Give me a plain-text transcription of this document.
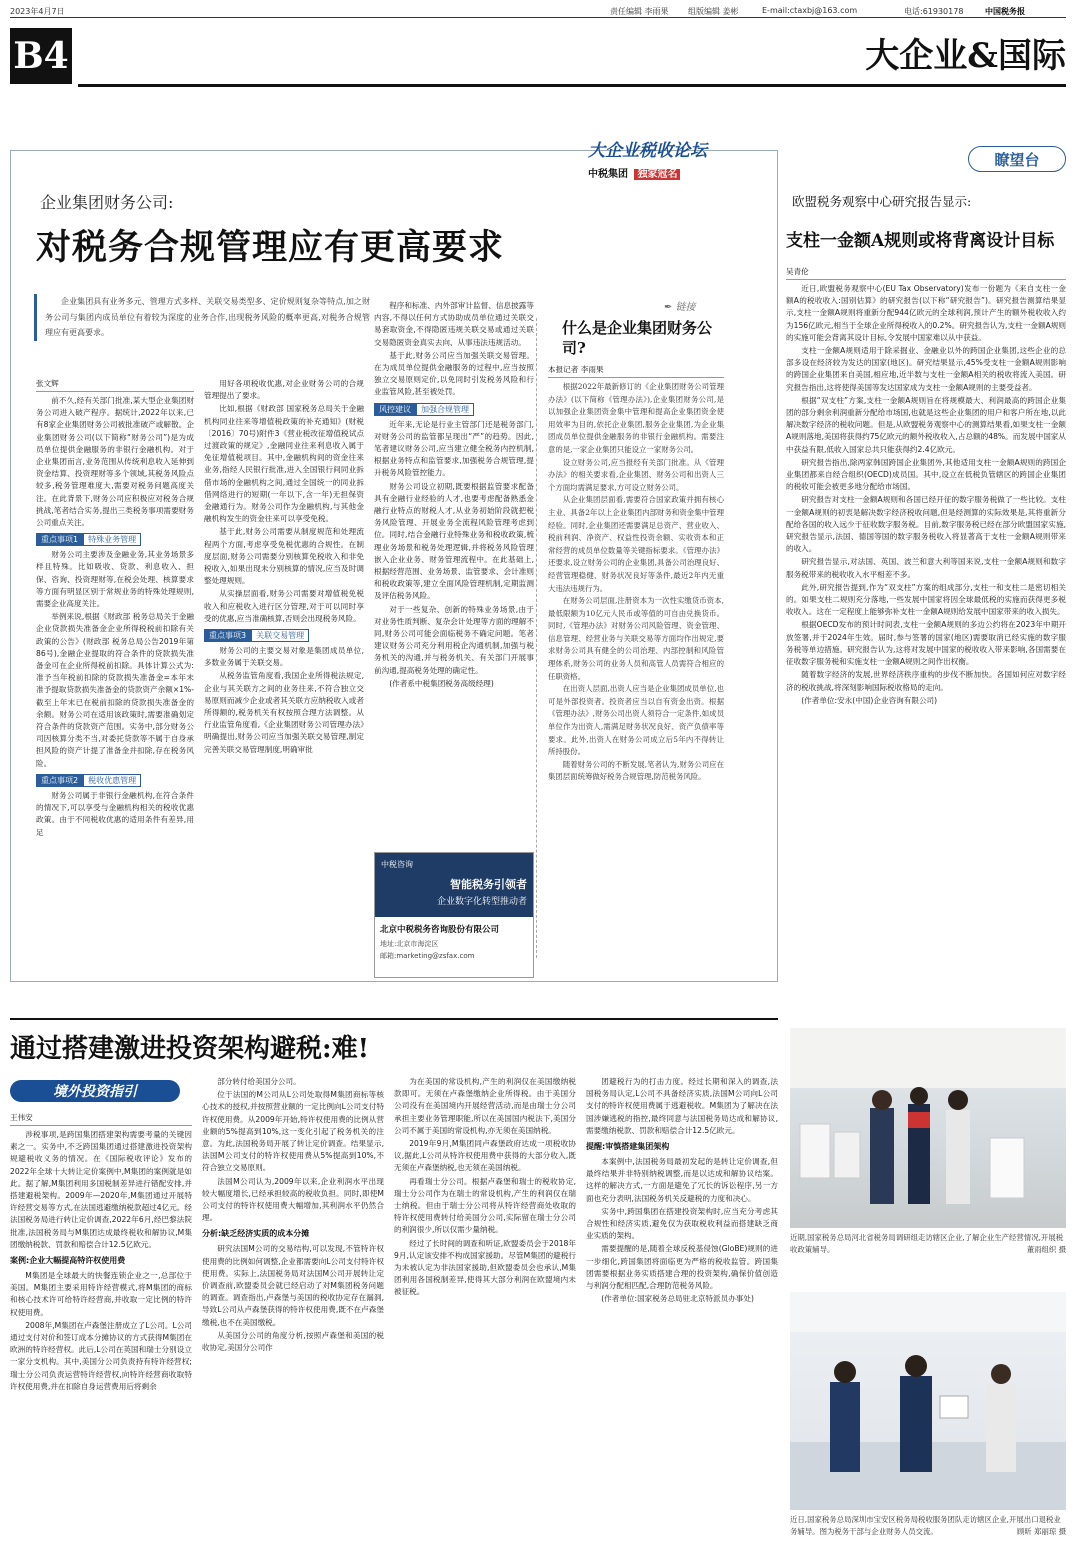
2023年4月7日	责任编辑 李雨果 组版编辑 姜彬	E-mail:ctaxbj@163.com	电话:61930178	中国税务报
B4	大企业&国际
大企业税收论坛
中税集团 独家冠名
企业集团财务公司:
对税务合规管理应有更高要求
企业集团具有业务多元、管理方式多样、关联交易类型多、定价规则复杂等特点,加之财务公司与集团内成员单位有着较为深度的业务合作,出现税务风险的概率更高,对税务合规管理应有更高要求。
✒ 链接
张文辉

前不久,经有关部门批准,某大型企业集团财务公司进入破产程序。据统计,2022年以来,已有8家企业集团财务公司被批准破产或解散。企业集团财务公司(以下简称“财务公司”)是为成员单位提供金融服务的非银行金融机构。对于企业集团而言,业务范围从传统利息收入延伸到资金结算、投资理财等多个领域,其税务风险点较多,税务管理难度大,需要对税务问题高度关注。在此背景下,财务公司应积极应对税务合规挑战,笔者结合实务,提出三类税务事项需要财务公司重点关注。

重点事项1	特殊业务管理

财务公司主要涉及金融业务,其业务场景多样且特殊。比如吸收、贷款、利息收入、担保、咨询、投资理财等,在税会处理、核算要求等方面有明显区别于常规业务的特殊处理规则,需要企业高度关注。

举例来说,根据《财政部 税务总局关于金融企业贷款损失准备金企业所得税税前扣除有关政策的公告》(财政部 税务总局公告2019年第86号),金融企业提取的符合条件的贷款损失准备金可在企业所得税前扣除。具体计算公式为:准予当年税前扣除的贷款损失准备金=本年末准予提取贷款损失准备金的贷款资产余额×1%-截至上年末已在税前扣除的贷款损失准备金的余额。财务公司在适用该政策时,需要准确划定符合条件的贷款资产范围。实务中,部分财务公司因核算分类不当,对委托贷款等不属于自身承担风险的资产计提了准备金并扣除,存在税务风险。

重点事项2	税收优惠管理

财务公司属于非银行金融机构,在符合条件的情况下,可以享受与金融机构相关的税收优惠政策。由于不同税收优惠的适用条件有差异,用足

用好各项税收优惠,对企业财务公司的合规管理提出了要求。

比如,根据《财政部 国家税务总局关于金融机构同业往来等增值税政策的补充通知》(财税〔2016〕70号)附件3《营业税改征增值税试点过渡政策的规定》,金融同业往来利息收入属于免征增值税项目。其中,金融机构间的资金往来业务,指经人民银行批准,进入全国银行间同业拆借市场的金融机构之间,通过全国统一的同业拆借网络进行的短期(一年以下,含一年)无担保资金融通行为。财务公司作为金融机构,与其他金融机构发生的资金往来可以享受免税。

基于此,财务公司需要从制度规范和处理流程两个方面,考虑享受免税优惠的合规性。在制度层面,财务公司需要分别核算免税收入和非免税收入,如果出现未分别核算的情况,应当及时调整处理规则。

从实操层面看,财务公司需要对增值税免税收入和应税收入进行区分管理,对于可以同时享受的优惠,应当准确核算,否则会出现税务风险。

重点事项3	关联交易管理

财务公司的主要交易对象是集团成员单位,多数业务属于关联交易。

从税务监管角度看,我国企业所得税法规定,企业与其关联方之间的业务往来,不符合独立交易原则而减少企业或者其关联方应纳税收入或者所得额的,税务机关有权按照合理方法调整。从行业监管角度看,《企业集团财务公司管理办法》明确提出,财务公司应当加强关联交易管理,制定完善关联交易管理制度,明确审批

程序和标准、内外部审计监督、信息披露等内容,不得以任何方式协助成员单位通过关联交易套取资金,不得隐匿违规关联交易或通过关联交易隐匿资金真实去向、从事违法违规活动。

基于此,财务公司应当加强关联交易管理。在为成员单位提供金融服务的过程中,应当按照独立交易原则定价,以免同时引发税务风险和行业监管风险,甚至被处罚。

风控建议	加强合规管理

近年来,无论是行业主管部门还是税务部门,对财务公司的监管都呈现出“严”的趋势。因此,笔者建议财务公司,应当建立健全税务内控机制,根据业务特点和监管要求,加强税务合规管理,提升税务风险管控能力。

财务公司设立初期,既要根据监管要求配备具有金融行业经验的人才,也要考虑配备熟悉金融行业特点的财税人才,从业务初始阶段就把税务风险管理、开展业务全流程风险管理考虑到位。同时,结合金融行业特殊业务和税收政策,梳理业务场景和税务处理逻辑,并将税务风险管理嵌入企业业务、财务管理流程中。在此基础上,根据经营范围、业务场景、监管要求、会计准则和税收政策等,建立全面风险管理机制,定期监测及评估税务风险。

对于一些复杂、创新的特殊业务场景,由于对业务性质判断、复杂会计处理等方面的理解不同,财务公司可能会面临税务不确定问题。笔者建议财务公司充分利用税企沟通机制,加强与税务机关的沟通,并与税务机关、有关部门开展事前沟通,提高税务处理的确定性。

(作者系中税集团税务高级经理)

中税咨询
智能税务引领者
企业数字化转型推动者
北京中税税务咨询股份有限公司
地址:北京市海淀区
邮箱:marketing@zsfax.com
什么是企业集团财务公司?
本报记者 李雨果

根据2022年最新修订的《企业集团财务公司管理办法》(以下简称《管理办法》),企业集团财务公司,是以加强企业集团资金集中管理和提高企业集团资金使用效率为目的,依托企业集团,服务企业集团,为企业集团成员单位提供金融服务的非银行金融机构。需要注意的是,一家企业集团只能设立一家财务公司。

设立财务公司,应当报经有关部门批准。从《管理办法》的相关要求看,企业集团、财务公司和出资人三个方面均需满足要求,方可设立财务公司。

从企业集团层面看,需要符合国家政策并拥有核心主业、具备2年以上企业集团内部财务和资金集中管理经验。同时,企业集团还需要满足总资产、营业收入、税前利润、净资产、权益性投资余额、实收资本和正常经营的成员单位数量等关键指标要求。《管理办法》还要求,设立财务公司的企业集团,具备公司治理良好、经营管理稳健、财务状况良好等条件,最近2年内无重大违法违规行为。

在财务公司层面,注册资本为一次性实缴货币资本,最低限额为10亿元人民币或等值的可自由兑换货币。同时,《管理办法》对财务公司风险管理、资金管理、信息管理、经营业务与关联交易等方面均作出规定,要求财务公司具有健全的公司治理、内部控制和风险管理体系,财务公司的业务人员和高管人员需符合相应的任职资格。

在出资人层面,出资人应当是企业集团成员单位,也可是外部投资者。投资者应当以自有资金出资。根据《管理办法》,财务公司出资人须符合一定条件,如成员单位作为出资人,需满足财务状况良好、资产负债率等要求。此外,出资人在财务公司成立后5年内不得转让所持股份。

随着财务公司的不断发展,笔者认为,财务公司应在集团层面统筹做好税务合规管理,防范税务风险。

瞭望台
欧盟税务观察中心研究报告显示:
支柱一金额A规则或将背离设计目标
吴青伦

近日,欧盟税务观察中心(EU Tax Observatory)发布一份题为《来自支柱一金额A的税收收入:国别估算》的研究报告(以下称“研究报告”)。研究报告测算结果显示,支柱一金额A规则将重新分配944亿欧元的全球利润,预计产生的额外税收收入约为156亿欧元,相当于全球企业所得税收入的0.2%。研究报告认为,支柱一金额A规则的实施可能会背离其设计目标,令发展中国家难以从中获益。

支柱一金额A规则适用于除采掘业、金融业以外的跨国企业集团,这些企业的总部多设在经济较为发达的国家(地区)。研究结果显示,45%受支柱一金额A规则影响的跨国企业集团来自美国,相应地,近半数与支柱一金额A相关的税收将流入美国。研究报告指出,这将使得美国等发达国家成为支柱一金额A规则的主要受益者。

根据“双支柱”方案,支柱一金额A规则旨在将规模最大、利润最高的跨国企业集团的部分剩余利润重新分配给市场国,也就是这些企业集团的用户和客户所在地,以此解决数字经济的税收问题。但是,从欧盟税务观察中心的测算结果看,如果支柱一金额A规则落地,美国将获得约75亿欧元的额外税收收入,占总额的48%。而发展中国家从中获益有限,低收入国家总共只能获得约2.4亿欧元。

研究报告指出,除两家韩国跨国企业集团外,其他适用支柱一金额A规则的跨国企业集团都来自经合组织(OECD)成员国。其中,设立在低税负管辖区的跨国企业集团的税收可能会被更多地分配给市场国。

研究报告对支柱一金额A规则和各国已经开征的数字服务税做了一些比较。支柱一金额A规则的初衷是解决数字经济税收问题,但是经测算的实际效果是,其将重新分配给各国的收入远少于征收数字服务税。目前,数字服务税已经在部分欧盟国家实施,研究报告显示,法国、德国等国的数字服务税收入将显著高于支柱一金额A规则带来的收入。

研究报告显示,对法国、英国、波兰和意大利等国来说,支柱一金额A规则和数字服务税带来的税收收入水平相差不多。

此外,研究报告提到,作为“双支柱”方案的组成部分,支柱一和支柱二是密切相关的。如果支柱二规则充分落地,一些发展中国家将因全球最低税的实施而获得更多税收收入。这在一定程度上能够弥补支柱一金额A规则给发展中国家带来的收入损失。

根据OECD发布的预计时间表,支柱一金额A规则的多边公约将在2023年中期开放签署,并于2024年生效。届时,参与签署的国家(地区)需要取消已经实施的数字服务税等单边措施。研究报告认为,这将对发展中国家的税收收入带来影响,各国需要在征收数字服务税和实施支柱一金额A规则之间作出权衡。

随着数字经济的发展,世界经济秩序重构的步伐不断加快。各国如何应对数字经济的税收挑战,将深刻影响国际税收格局的走向。

(作者单位:安永(中国)企业咨询有限公司)

通过搭建激进投资架构避税:难!
境外投资指引
王伟安

涉税事项,是跨国集团搭建架构需要考量的关键因素之一。实务中,不乏跨国集团通过搭建激进投资架构规避税收义务的情况。在《国际税收评论》发布的2022年全球十大转让定价案例中,M集团的案例就是如此。据了解,M集团利用多国税制差异进行错配安排,并搭建避税架构。2009年—2020年,M集团通过开展特许经营交易等方式,在法国逃避缴纳税款超过4亿元。经法国税务局进行转让定价调查,2022年6月,经巴黎法院批准,法国税务局与M集团达成最终税收和解协议,M集团缴纳税款、罚款和赔偿合计12.5亿欧元。

案例:企业大幅提高特许权使用费

M集团是全球最大的快餐连锁企业之一,总部位于美国。M集团主要采用特许经营模式,将M集团的商标和核心技术许可给特许经营商,并收取一定比例的特许权使用费。

2008年,M集团在卢森堡注册成立了L公司。L公司通过支付对价和签订成本分摊协议的方式获得M集团在欧洲的特许经营权。此后,L公司在英国和瑞士分别设立一家分支机构。其中,美国分公司负责持有特许经营权;瑞士分公司负责运营特许经营权,向特许经营商收取特许权使用费,并在扣除自身运营费用后将剩余

部分转付给美国分公司。

位于法国的M公司从L公司处取得M集团商标等核心技术的授权,并按照营业额的一定比例向L公司支付特许权使用费。从2009年开始,特许权使用费的比例从营业额的5%提高到10%,这一变化引起了税务机关的注意。为此,法国税务局开展了转让定价调查。结果显示,法国M公司支付的特许权使用费从5%提高到10%,不符合独立交易原则。

法国M公司认为,2009年以来,企业利润水平出现较大幅度增长,已经承担较高的税收负担。同时,即使M公司支付的特许权使用费大幅增加,其利润水平仍然合理。

分析:缺乏经济实质的成本分摊

研究法国M公司的交易结构,可以发现,不管特许权使用费的比例如何调整,企业都需要向L公司支付特许权使用费。实际上,法国税务局对法国M公司开展转让定价调查前,欧盟委员会就已经启动了对M集团税务问题的调查。调查指出,卢森堡与美国的税收协定存在漏洞,导致L公司从卢森堡获得的特许权使用费,既不在卢森堡缴税,也不在美国缴税。

从美国分公司的角度分析,按照卢森堡和美国的税收协定,美国分公司作

为在美国的常设机构,产生的利润仅在美国缴纳税款即可。无须在卢森堡缴纳企业所得税。由于美国分公司没有在美国境内开展经营活动,而是由瑞士分公司承担主要业务管理职能,所以在美国国内税法下,美国分公司不属于美国的常设机构,亦无须在美国纳税。

2019年9月,M集团同卢森堡政府达成一项税收协议,据此,L公司从特许权使用费中获得的大部分收入,既无须在卢森堡纳税,也无须在美国纳税。

再看瑞士分公司。根据卢森堡和瑞士的税收协定,瑞士分公司作为在瑞士的常设机构,产生的利润仅在瑞士纳税。但由于瑞士分公司将从特许经营商处收取的特许权使用费转付给美国分公司,实际留在瑞士分公司的利润很少,所以仅需少量纳税。

经过了长时间的调查和听证,欧盟委员会于2018年9月,认定该安排不构成国家援助。尽管M集团的避税行为未被认定为非法国家援助,但欧盟委员会也承认,M集团利用各国税制差异,使得其大部分利润在欧盟境内未被征税。

团避税行为的打击力度。经过长期和深入的调查,法国税务局认定,L公司不具备经济实质,法国M公司向L公司支付的特许权使用费属于逃避税收。M集团为了解决在法国涉嫌逃税的指控,最终同意与法国税务局达成和解协议,需要缴纳税款、罚款和赔偿合计12.5亿欧元。

提醒:审慎搭建集团架构

本案例中,法国税务局最初发起的是转让定价调查,但最终结果并非特别纳税调整,而是以达成和解协议结案。这样的解决方式,一方面是避免了冗长的诉讼程序,另一方面也充分表明,法国税务机关反避税的力度和决心。

实务中,跨国集团在搭建投资架构时,应当充分考虑其合规性和经济实质,避免仅为获取税收利益而搭建缺乏商业实质的架构。

需要提醒的是,随着全球反税基侵蚀(GloBE)规则的进一步细化,跨国集团将面临更为严格的税收监管。跨国集团需要根据业务实质搭建合理的投资架构,确保价值创造与利润分配相匹配,合理防范税务风险。

(作者单位:国家税务总局驻北京特派员办事处)

近期,国家税务总局河北省税务局调研组走访辖区企业,了解企业生产经营情况,开展税收政策辅导。	董雨组织 摄
近日,国家税务总局深圳市宝安区税务局税收服务团队走访辖区企业,开展出口退税业务辅导。图为税务干部与企业财务人员交流。	顾昕 郑丽琼 摄
